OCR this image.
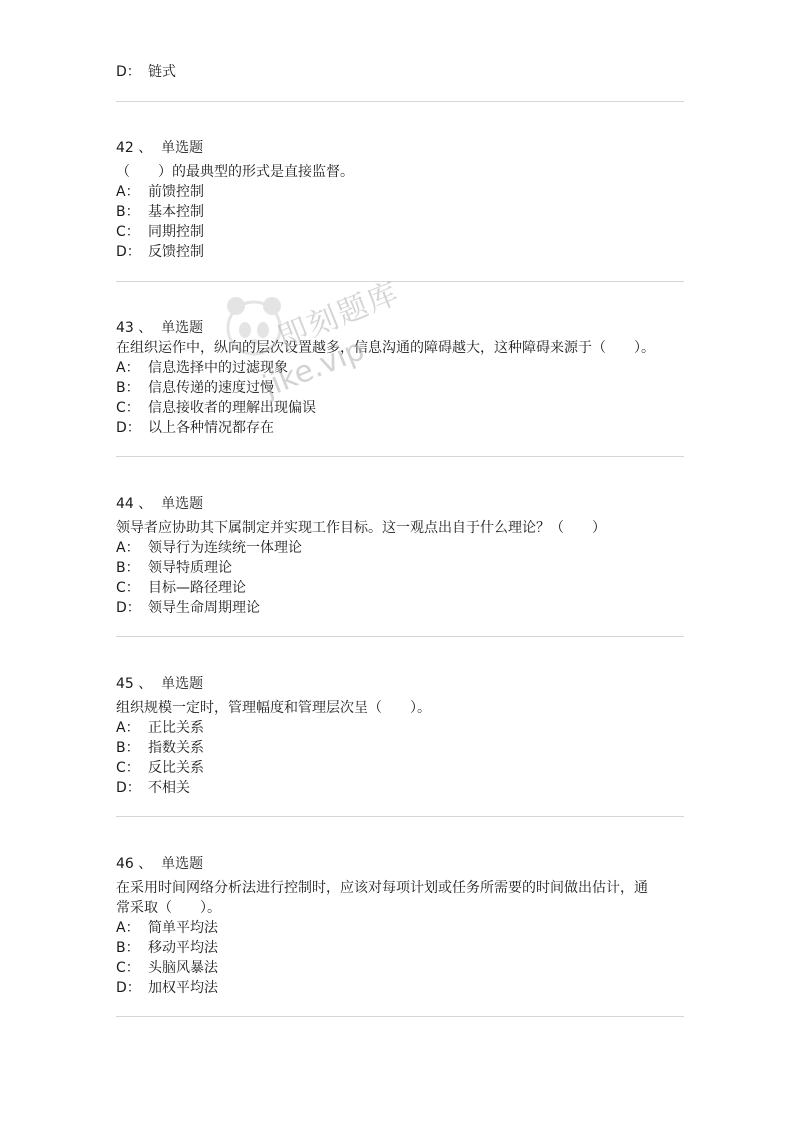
D： 链式
42 、 单选题
（　　）的最典型的形式是直接监督。
A： 前馈控制
B： 基本控制
C： 同期控制
D： 反馈控制
43 、 单选题
在组织运作中，纵向的层次设置越多，信息沟通的障碍越大，这种障碍来源于（　　）。
A： 信息选择中的过滤现象
B： 信息传递的速度过慢
C： 信息接收者的理解出现偏误
D： 以上各种情况都存在
44 、 单选题
领导者应协助其下属制定并实现工作目标。这一观点出自于什么理论？（　　）
A： 领导行为连续统一体理论
B： 领导特质理论
C： 目标—路径理论
D： 领导生命周期理论
45 、 单选题
组织规模一定时，管理幅度和管理层次呈（　　）。
A： 正比关系
B： 指数关系
C： 反比关系
D： 不相关
46 、 单选题
在采用时间网络分析法进行控制时，应该对每项计划或任务所需要的时间做出估计，通
常采取（　　）。
A： 简单平均法
B： 移动平均法
C： 头脑风暴法
D： 加权平均法
即刻题库
jike.vip
